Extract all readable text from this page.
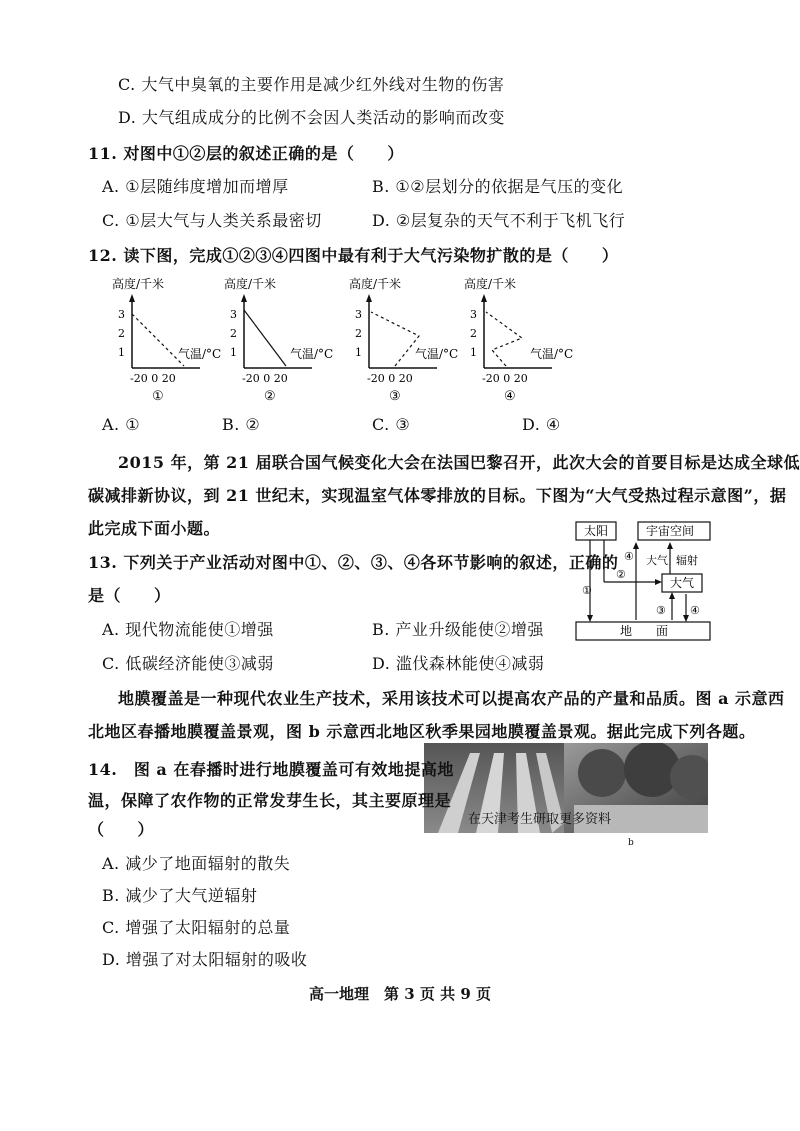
C. 大气中臭氧的主要作用是减少红外线对生物的伤害
D. 大气组成成分的比例不会因人类活动的影响而改变
11. 对图中①②层的叙述正确的是（　　）
A. ①层随纬度增加而增厚	B. ①②层划分的依据是气压的变化
C. ①层大气与人类关系最密切	D. ②层复杂的天气不利于飞机飞行
12. 读下图，完成①②③④四图中最有利于大气污染物扩散的是（　　）
高度/千米
3
2
1	气温/°C
-20 0 20
①
高度/千米
3
2
1	气温/°C
-20 0 20
②
高度/千米
3
2
1	气温/°C
-20 0 20
③
高度/千米
3
2
1	气温/°C
-20 0 20
④
A. ①	B. ②	C. ③	D. ④
2015 年，第 21 届联合国气候变化大会在法国巴黎召开，此次大会的首要目标是达成全球低
碳减排新协议，到 21 世纪末，实现温室气体零排放的目标。下图为“大气受热过程示意图”，据
此完成下面小题。	太阳	宇宙空间
大气
地　　面
①
②
④ 大气 辐射
③ ④
13. 下列关于产业活动对图中①、②、③、④各环节影响的叙述，正确的
是（　　）
A. 现代物流能使①增强	B. 产业升级能使②增强
C. 低碳经济能使③减弱	D. 滥伐森林能使④减弱
地膜覆盖是一种现代农业生产技术，采用该技术可以提高农产品的产量和品质。图 a 示意西
北地区春播地膜覆盖景观，图 b 示意西北地区秋季果园地膜覆盖景观。据此完成下列各题。
在天津考生研取更多资料
b
14.　图 a 在春播时进行地膜覆盖可有效地提高地
温，保障了农作物的正常发芽生长，其主要原理是
（　　）
A. 减少了地面辐射的散失
B. 减少了大气逆辐射
C. 增强了太阳辐射的总量
D. 增强了对太阳辐射的吸收
高一地理　第 3 页 共 9 页
